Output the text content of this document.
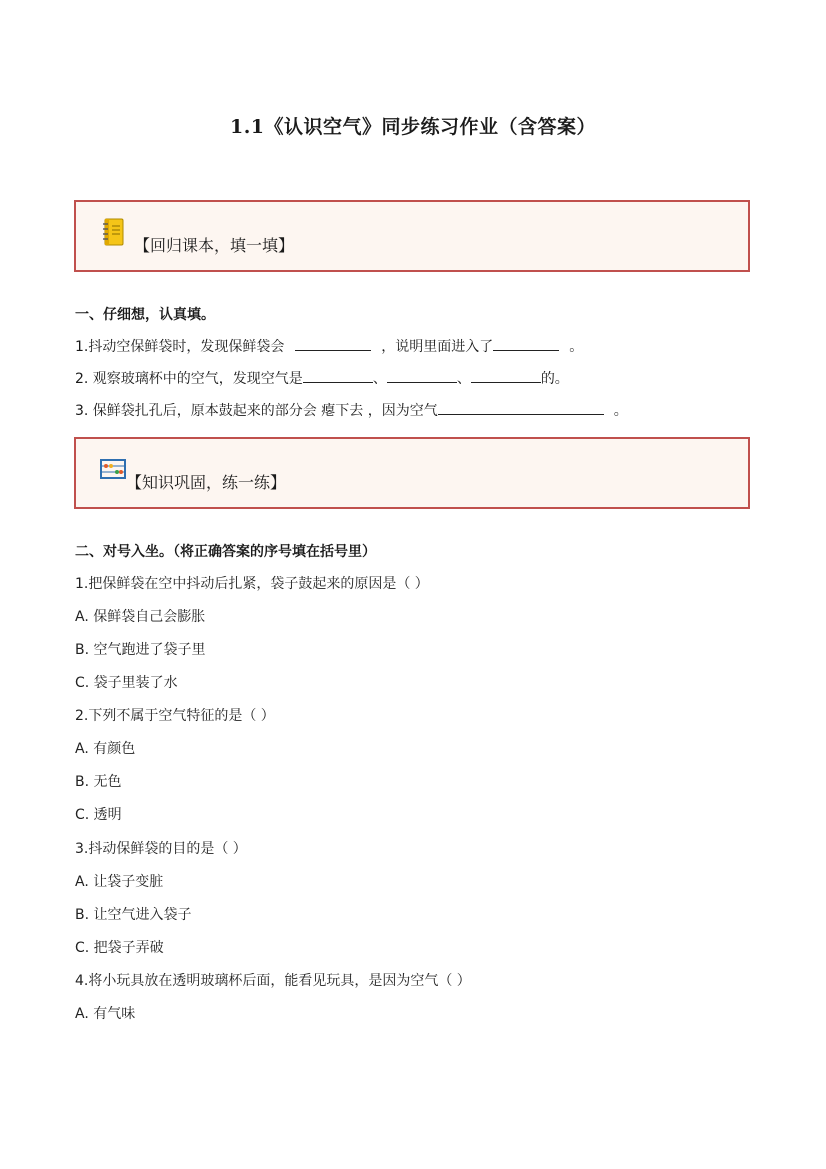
1.1《认识空气》同步练习作业（含答案）
【回归课本，填一填】
一、仔细想，认真填。
1.抖动空保鲜袋时，发现保鲜袋会	，说明里面进入了	。
2. 观察玻璃杯中的空气，发现空气是	、	、	的。
3. 保鲜袋扎孔后，原本鼓起来的部分会 瘪下去 ，因为空气	。
【知识巩固，练一练】
二、对号入坐。（将正确答案的序号填在括号里）
1.把保鲜袋在空中抖动后扎紧，袋子鼓起来的原因是（ ）
A. 保鲜袋自己会膨胀
B. 空气跑进了袋子里
C. 袋子里装了水
2.下列不属于空气特征的是（ ）
A. 有颜色
B. 无色
C. 透明
3.抖动保鲜袋的目的是（ ）
A. 让袋子变脏
B. 让空气进入袋子
C. 把袋子弄破
4.将小玩具放在透明玻璃杯后面，能看见玩具，是因为空气（ ）
A. 有气味
